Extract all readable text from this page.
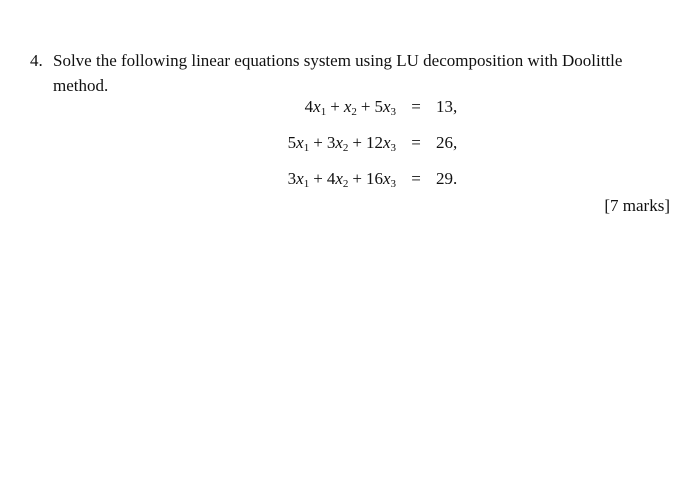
4. Solve the following linear equations system using LU decomposition with Doolittle
method.
$4x_1 + x_2 + 5x_3 = 13$,
$5x_1 + 3x_2 + 12x_3 = 26$,
$3x_1 + 4x_2 + 16x_3 = 29$.
[7 marks]
